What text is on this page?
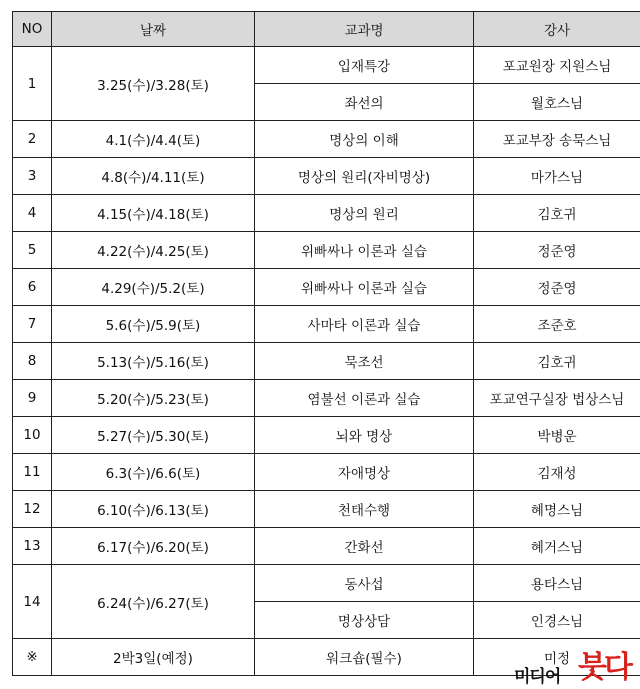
NO	날짜	교과명	강사
1	3.25(수)/3.28(토)	입재특강	포교원장 지원스님
		좌선의	월호스님
2	4.1(수)/4.4(토)	명상의 이해	포교부장 송묵스님
3	4.8(수)/4.11(토)	명상의 원리(자비명상)	마가스님
4	4.15(수)/4.18(토)	명상의 원리	김호귀
5	4.22(수)/4.25(토)	위빠싸나 이론과 실습	정준영
6	4.29(수)/5.2(토)	위빠싸나 이론과 실습	정준영
7	5.6(수)/5.9(토)	사마타 이론과 실습	조준호
8	5.13(수)/5.16(토)	묵조선	김호귀
9	5.20(수)/5.23(토)	염불선 이론과 실습	포교연구실장 법상스님
10	5.27(수)/5.30(토)	뇌와 명상	박병운
11	6.3(수)/6.6(토)	자애명상	김재성
12	6.10(수)/6.13(토)	천태수행	혜명스님
13	6.17(수)/6.20(토)	간화선	혜거스님
14	6.24(수)/6.27(토)	동사섭	용타스님
		명상상담	인경스님
※	2박3일(예정)	워크숍(필수)	미정
미디어 붓다
